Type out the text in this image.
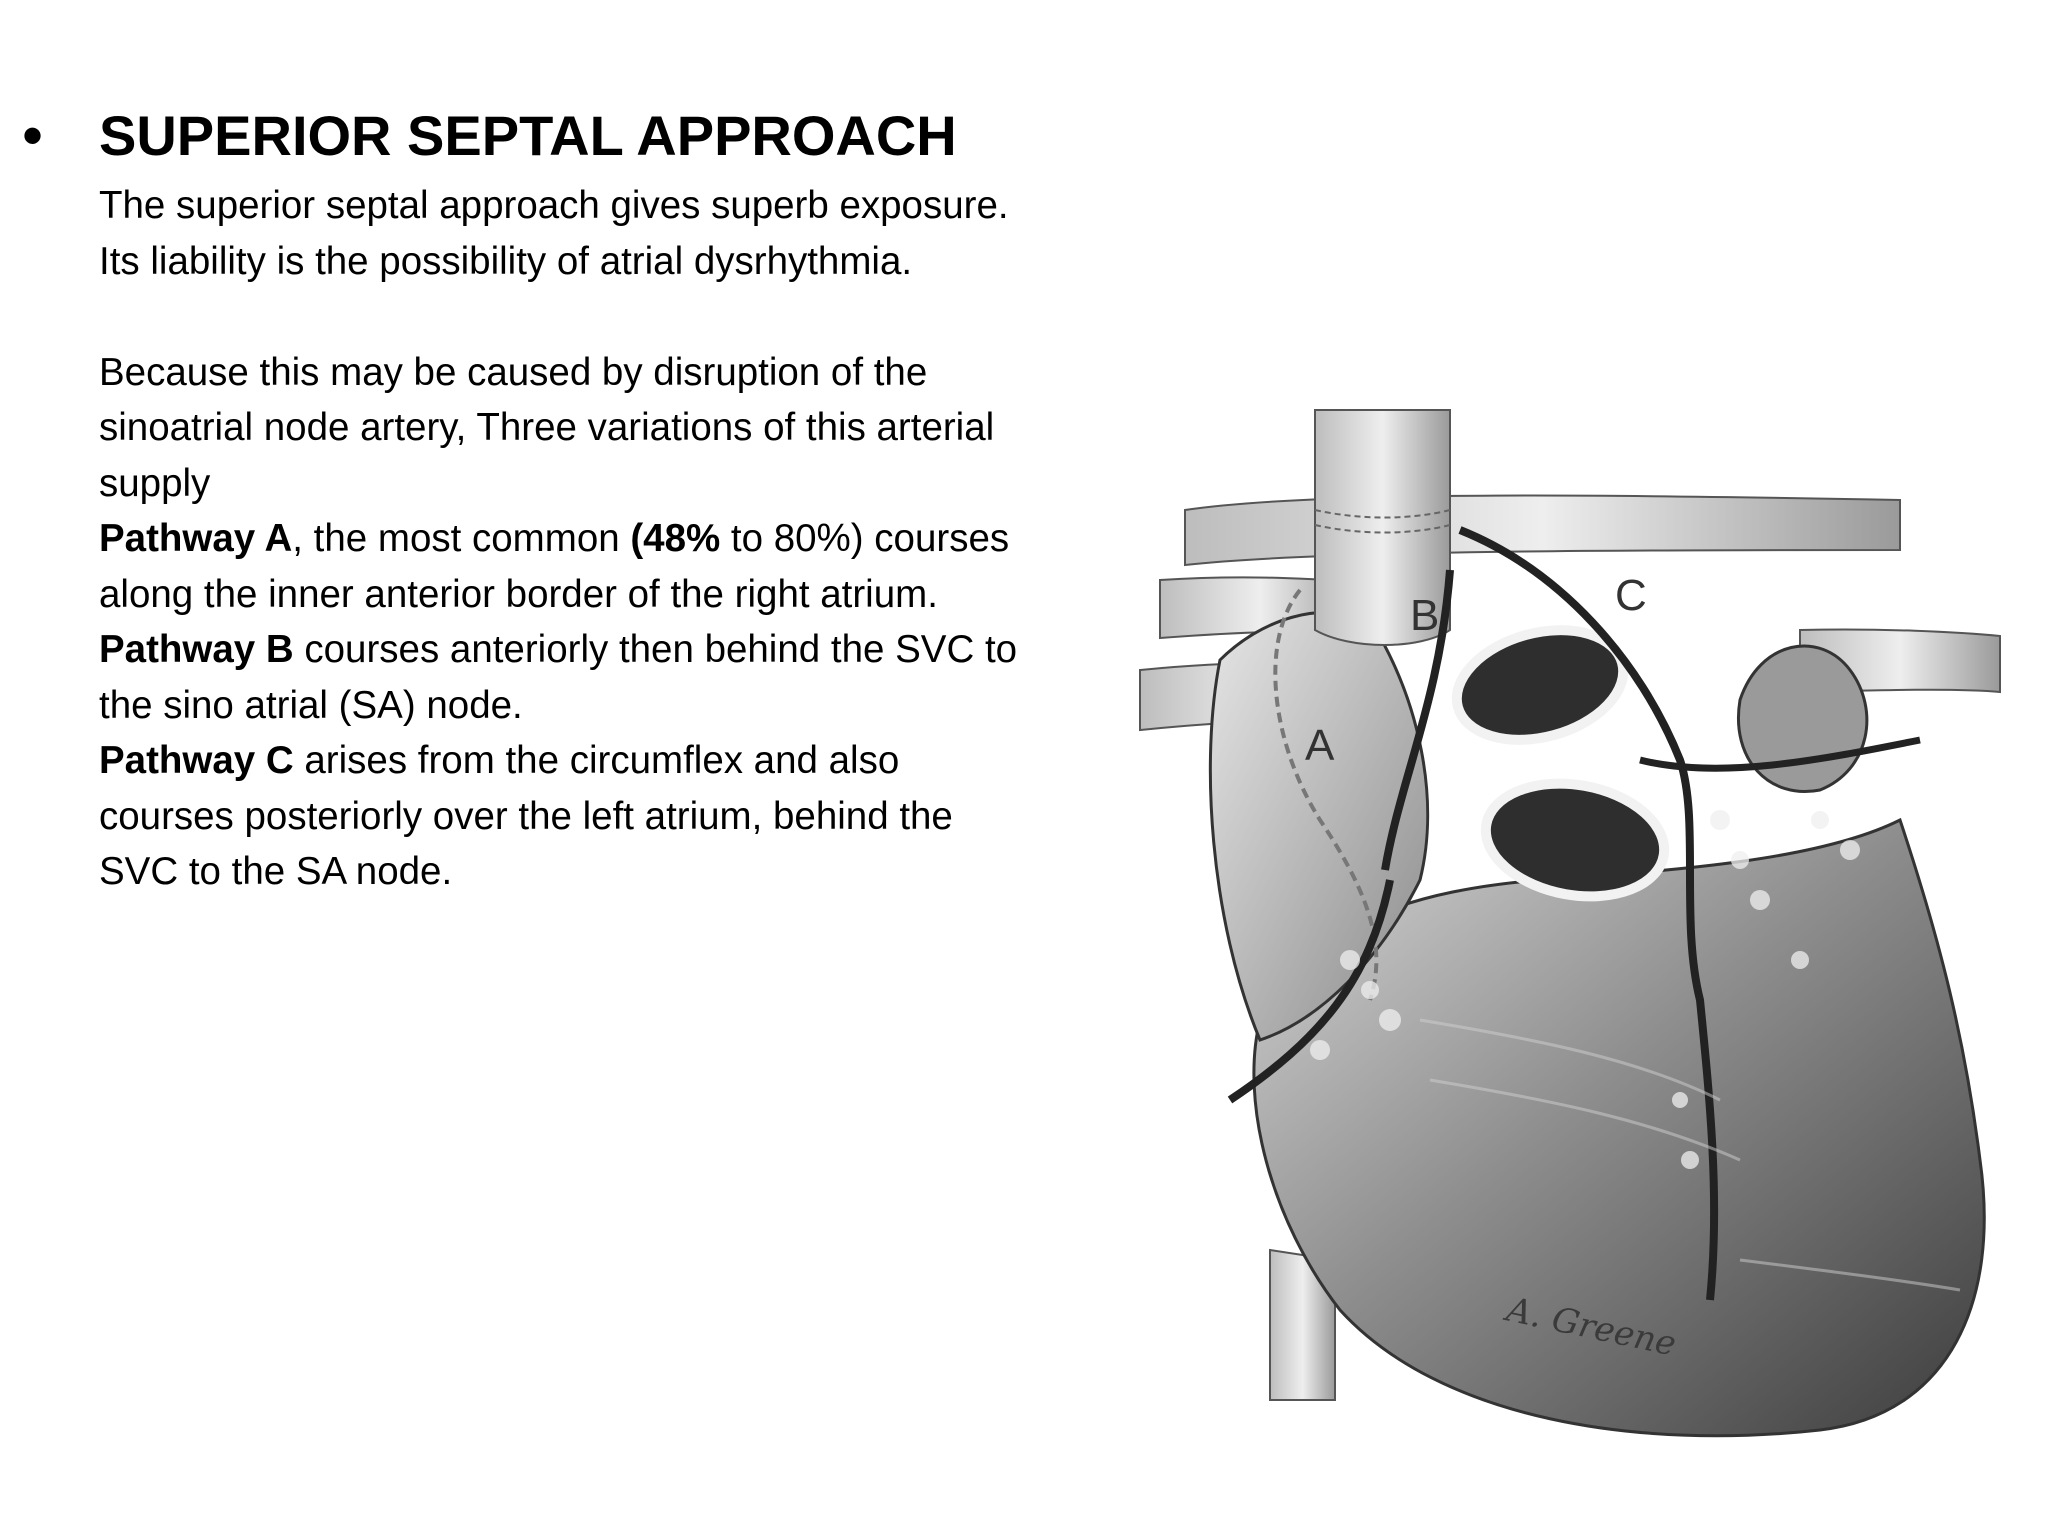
• SUPERIOR SEPTAL APPROACH
The superior septal approach gives superb exposure.
Its liability is the possibility of atrial dysrhythmia.
Because this may be caused by disruption of the
sinoatrial node artery, Three variations of this arterial
supply
Pathway A, the most common (48% to 80%) courses
along the inner anterior border of the right atrium.
Pathway B courses anteriorly then behind the SVC to
the sino atrial (SA) node.
Pathway C arises from the circumflex and also
courses posteriorly over the left atrium, behind the
SVC to the SA node.
A
B	C
A. Greene
